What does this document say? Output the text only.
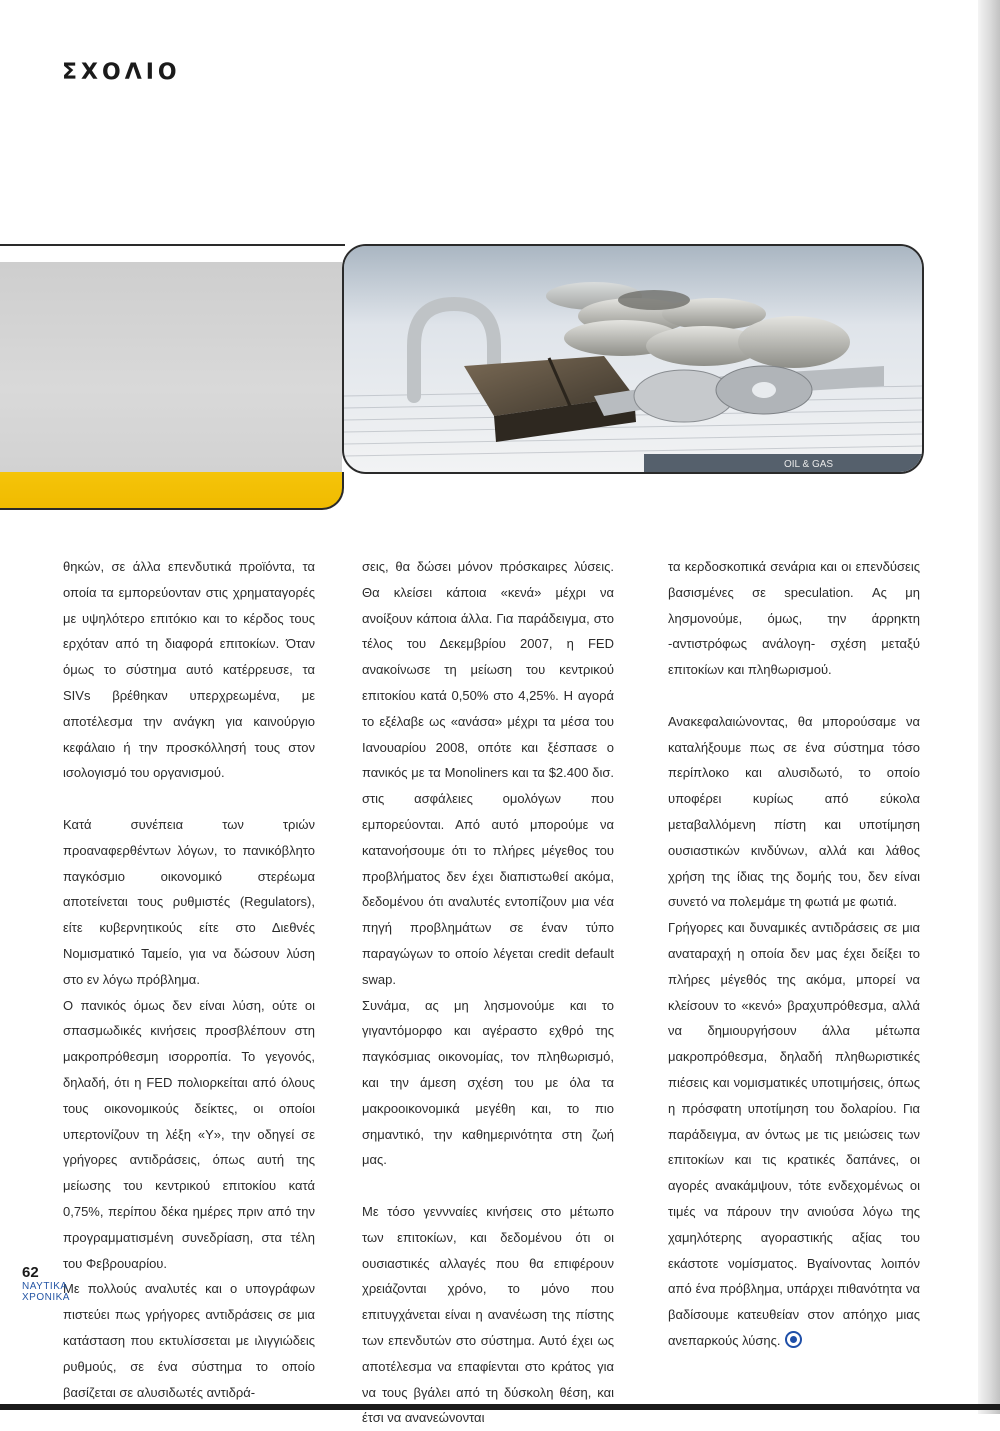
ΣΧΟΛΙΟ
OIL & GAS

θηκών, σε άλλα επενδυτικά προϊόντα, τα οποία τα εμπορεύονταν στις χρηματαγορές με υψηλότερο επιτόκιο και το κέρδος τους ερχόταν από τη διαφορά επιτοκίων. Όταν όμως το σύστημα αυτό κατέρρευσε, τα SIVs βρέθηκαν υπερχρεωμένα, με αποτέλεσμα την ανάγκη για καινούργιο κεφάλαιο ή την προσκόλλησή τους στον ισολογισμό του οργανισμού.

Κατά συνέπεια των τριών προαναφερθέντων λόγων, το πανικόβλητο παγκόσμιο οικονομικό στερέωμα αποτείνεται τους ρυθμιστές (Regulators), είτε κυβερνητικούς είτε στο Διεθνές Νομισματικό Ταμείο, για να δώσουν λύση στο εν λόγω πρόβλημα.

Ο πανικός όμως δεν είναι λύση, ούτε οι σπασμωδικές κινήσεις προσβλέπουν στη μακροπρόθεσμη ισορροπία. Το γεγονός, δηλαδή, ότι η FED πολιορκείται από όλους τους οικονομικούς δείκτες, οι οποίοι υπερτονίζουν τη λέξη «Y», την οδηγεί σε γρήγορες αντιδράσεις, όπως αυτή της μείωσης του κεντρικού επιτοκίου κατά 0,75%, περίπου δέκα ημέρες πριν από την προγραμματισμένη συνεδρίαση, στα τέλη του Φεβρουαρίου.

Με πολλούς αναλυτές και ο υπογράφων πιστεύει πως γρήγορες αντιδράσεις σε μια κατάσταση που εκτυλίσσεται με ιλιγγιώδεις ρυθμούς, σε ένα σύστημα το οποίο βασίζεται σε αλυσιδωτές αντιδρά-

σεις, θα δώσει μόνον πρόσκαιρες λύσεις. Θα κλείσει κάποια «κενά» μέχρι να ανοίξουν κάποια άλλα. Για παράδειγμα, στο τέλος του Δεκεμβρίου 2007, η FED ανακοίνωσε τη μείωση του κεντρικού επιτοκίου κατά 0,50% στο 4,25%. Η αγορά το εξέλαβε ως «ανάσα» μέχρι τα μέσα του Ιανουαρίου 2008, οπότε και ξέσπασε ο πανικός με τα Monoliners και τα $2.400 δισ. στις ασφάλειες ομολόγων που εμπορεύονται. Από αυτό μπορούμε να κατανοήσουμε ότι το πλήρες μέγεθος του προβλήματος δεν έχει διαπιστωθεί ακόμα, δεδομένου ότι αναλυτές εντοπίζουν μια νέα πηγή προβλημάτων σε έναν τύπο παραγώγων το οποίο λέγεται credit default swap.

Συνάμα, ας μη λησμονούμε και το γιγαντόμορφο και αγέραστο εχθρό της παγκόσμιας οικονομίας, τον πληθωρισμό, και την άμεση σχέση του με όλα τα μακροοικονομικά μεγέθη και, το πιο σημαντικό, την καθημερινότητα στη ζωή μας.

Με τόσο γεννναίες κινήσεις στο μέτωπο των επιτοκίων, και δεδομένου ότι οι ουσιαστικές αλλαγές που θα επιφέρουν χρειάζονται χρόνο, το μόνο που επιτυγχάνεται είναι η ανανέωση της πίστης των επενδυτών στο σύστημα. Αυτό έχει ως αποτέλεσμα να επαφίενται στο κράτος για να τους βγάλει από τη δύσκολη θέση, και έτσι να ανανεώνονται

τα κερδοσκοπικά σενάρια και οι επενδύσεις βασισμένες σε speculation. Ας μη λησμονούμε, όμως, την άρρηκτη -αντιστρόφως ανάλογη- σχέση μεταξύ επιτοκίων και πληθωρισμού.

Ανακεφαλαιώνοντας, θα μπορούσαμε να καταλήξουμε πως σε ένα σύστημα τόσο περίπλοκο και αλυσιδωτό, το οποίο υποφέρει κυρίως από εύκολα μεταβαλλόμενη πίστη και υποτίμηση ουσιαστικών κινδύνων, αλλά και λάθος χρήση της ίδιας της δομής του, δεν είναι συνετό να πολεμάμε τη φωτιά με φωτιά.

Γρήγορες και δυναμικές αντιδράσεις σε μια αναταραχή η οποία δεν μας έχει δείξει το πλήρες μέγεθός της ακόμα, μπορεί να κλείσουν το «κενό» βραχυπρόθεσμα, αλλά να δημιουργήσουν άλλα μέτωπα μακροπρόθεσμα, δηλαδή πληθωριστικές πιέσεις και νομισματικές υποτιμήσεις, όπως η πρόσφατη υποτίμηση του δολαρίου. Για παράδειγμα, αν όντως με τις μειώσεις των επιτοκίων και τις κρατικές δαπάνες, οι αγορές ανακάμψουν, τότε ενδεχομένως οι τιμές να πάρουν την ανιούσα λόγω της χαμηλότερης αγοραστικής αξίας του εκάστοτε νομίσματος. Βγαίνοντας λοιπόν από ένα πρόβλημα, υπάρχει πιθανότητα να βαδίσουμε κατευθείαν στον απόηχο μιας ανεπαρκούς λύσης.

62
ΝΑΥΤΙΚΑ
ΧΡΟΝΙΚΑ
